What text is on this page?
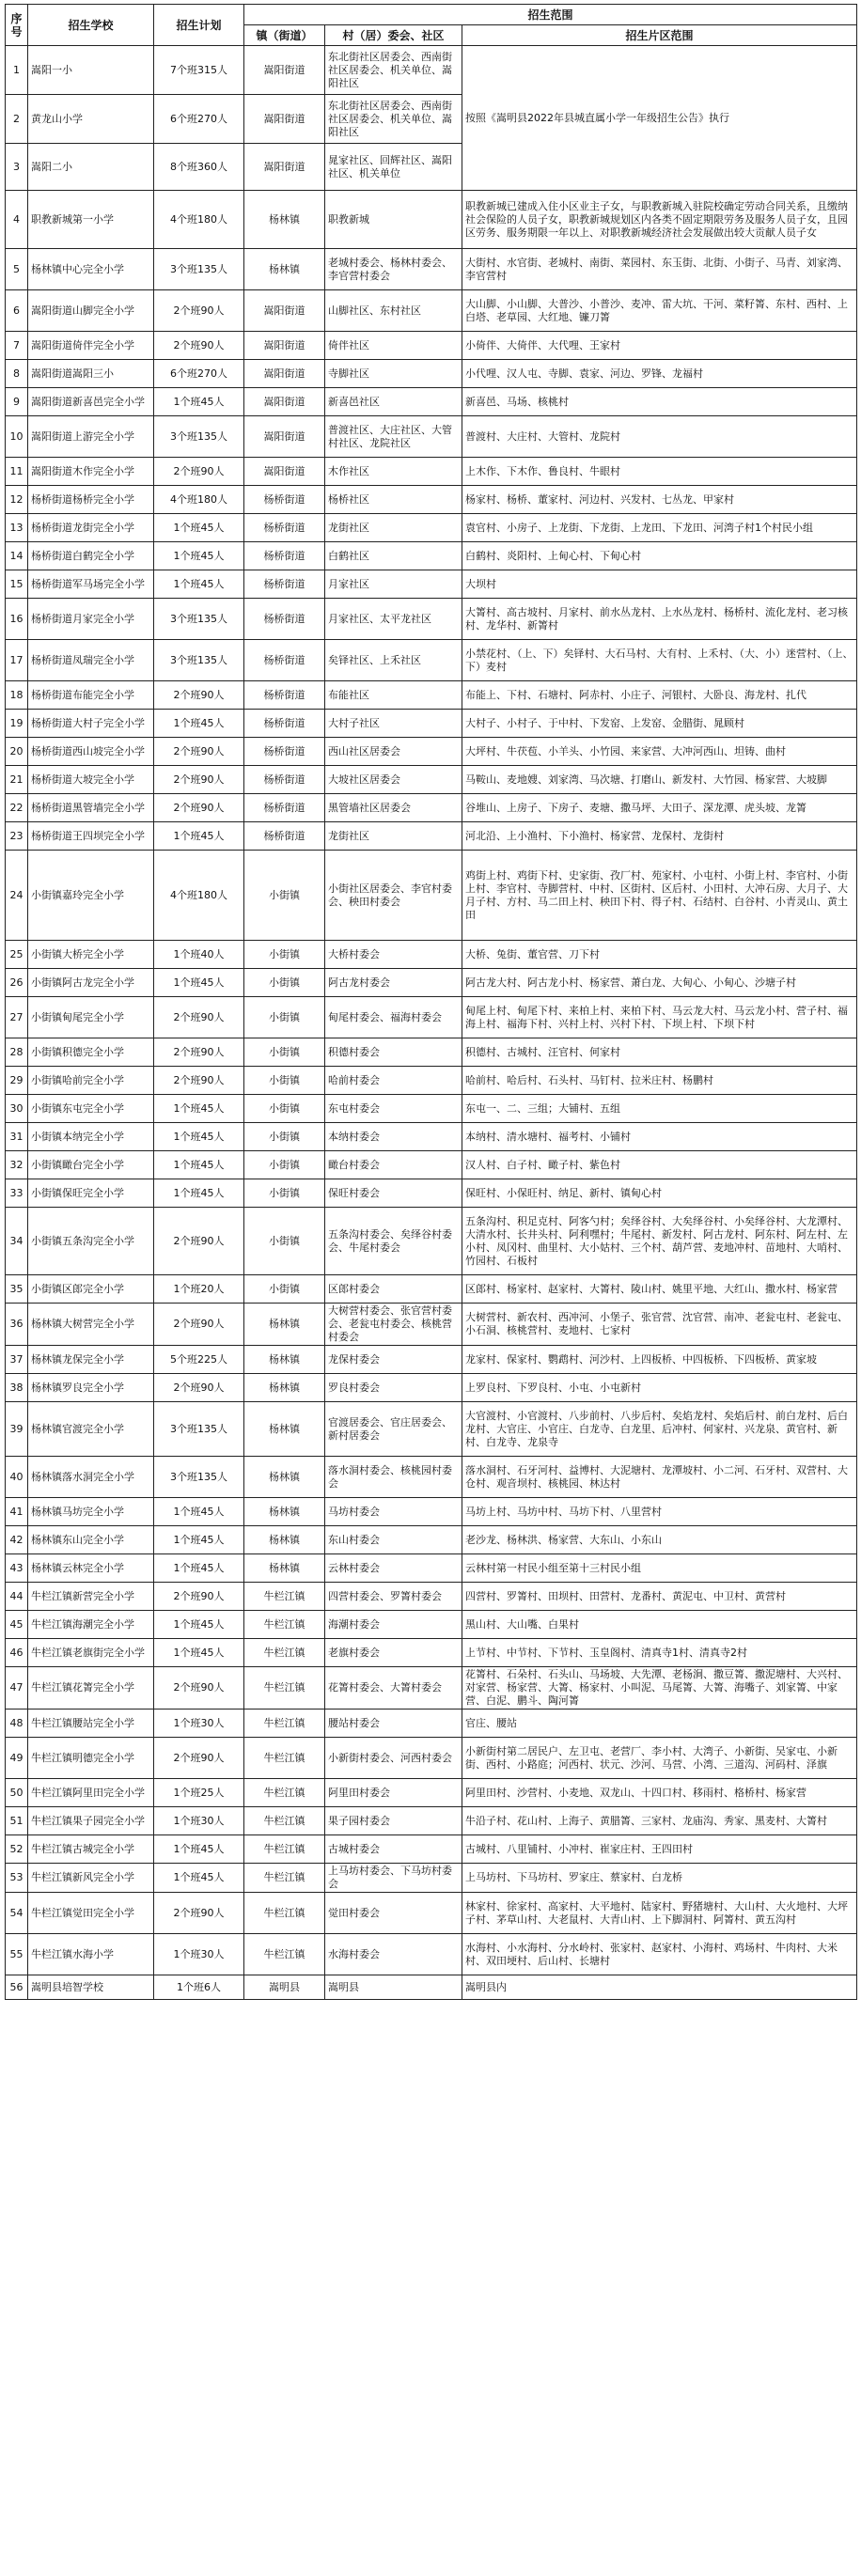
序号	招生学校	招生计划	招生范围		
			镇（街道）	村（居）委会、社区	招生片区范围
1	嵩阳一小	7个班315人	嵩阳街道	东北街社区居委会、西南街社区居委会、机关单位、嵩阳社区	按照《嵩明县2022年县城直属小学一年级招生公告》执行
2	黄龙山小学	6个班270人	嵩阳街道	东北街社区居委会、西南街社区居委会、机关单位、嵩阳社区	
3	嵩阳二小	8个班360人	嵩阳街道	晁家社区、回辉社区、嵩阳社区、机关单位	
4	职教新城第一小学	4个班180人	杨林镇	职教新城	职教新城已建成入住小区业主子女，与职教新城入驻院校确定劳动合同关系，且缴纳社会保险的人员子女，职教新城规划区内各类不固定期限劳务及服务人员子女，且园区劳务、服务期限一年以上、对职教新城经济社会发展做出较大贡献人员子女
5	杨林镇中心完全小学	3个班135人	杨林镇	老城村委会、杨林村委会、李官营村委会	大街村、水官街、老城村、南街、菜园村、东玉街、北街、小街子、马青、刘家湾、李官营村
6	嵩阳街道山脚完全小学	2个班90人	嵩阳街道	山脚社区、东村社区	大山脚、小山脚、大普沙、小普沙、麦冲、雷大坑、干河、菜籽箐、东村、西村、上白塔、老草园、大红地、镰刀箐
7	嵩阳街道倚伴完全小学	2个班90人	嵩阳街道	倚伴社区	小倚伴、大倚伴、大代哩、王家村
8	嵩阳街道嵩阳三小	6个班270人	嵩阳街道	寺脚社区	小代哩、汉人屯、寺脚、袁家、河边、罗锋、龙福村
9	嵩阳街道新喜邑完全小学	1个班45人	嵩阳街道	新喜邑社区	新喜邑、马场、核桃村
10	嵩阳街道上游完全小学	3个班135人	嵩阳街道	普渡社区、大庄社区、大管村社区、龙院社区	普渡村、大庄村、大管村、龙院村
11	嵩阳街道木作完全小学	2个班90人	嵩阳街道	木作社区	上木作、下木作、鲁良村、牛眼村
12	杨桥街道杨桥完全小学	4个班180人	杨桥街道	杨桥社区	杨家村、杨桥、董家村、河边村、兴发村、七丛龙、甲家村
13	杨桥街道龙街完全小学	1个班45人	杨桥街道	龙街社区	袁官村、小房子、上龙街、下龙街、上龙田、下龙田、河湾子村1个村民小组
14	杨桥街道白鹤完全小学	1个班45人	杨桥街道	白鹤社区	白鹤村、炎阳村、上甸心村、下甸心村
15	杨桥街道军马场完全小学	1个班45人	杨桥街道	月家社区	大坝村
16	杨桥街道月家完全小学	3个班135人	杨桥街道	月家社区、太平龙社区	大箐村、高古坡村、月家村、前水丛龙村、上水丛龙村、杨桥村、流化龙村、老习核村、龙华村、新箐村
17	杨桥街道凤瑞完全小学	3个班135人	杨桥街道	矣铎社区、上禾社区	小禁花村、（上、下）矣铎村、大石马村、大有村、上禾村、（大、小）迷营村、（上、下）麦村
18	杨桥街道布能完全小学	2个班90人	杨桥街道	布能社区	布能上、下村、石塘村、阿赤村、小庄子、河银村、大卧良、海龙村、扎代
19	杨桥街道大村子完全小学	1个班45人	杨桥街道	大村子社区	大村子、小村子、于中村、下发窑、上发窑、金腊街、晁顾村
20	杨桥街道西山坡完全小学	2个班90人	杨桥街道	西山社区居委会	大坪村、牛茯苞、小羊头、小竹园、来家营、大冲河西山、坦铸、曲村
21	杨桥街道大坡完全小学	2个班90人	杨桥街道	大坡社区居委会	马鞍山、麦地嫂、刘家湾、马次塘、打磨山、新发村、大竹园、杨家营、大坡脚
22	杨桥街道黑管墙完全小学	2个班90人	杨桥街道	黑管墙社区居委会	谷堆山、上房子、下房子、麦塘、撒马坪、大田子、深龙潭、虎头坡、龙箐
23	杨桥街道王四坝完全小学	1个班45人	杨桥街道	龙街社区	河北沿、上小渔村、下小渔村、杨家营、龙保村、龙街村
24	小街镇嘉玲完全小学	4个班180人	小街镇	小街社区居委会、李官村委会、秧田村委会	鸡街上村、鸡街下村、史家街、孜厂村、苑家村、小屯村、小街上村、李官村、小街上村、李官村、寺脚营村、中村、区街村、区后村、小田村、大冲石房、大月子、大月子村、方村、马二田上村、秧田下村、得子村、石结村、白谷村、小青灵山、黄土田
25	小街镇大桥完全小学	1个班40人	小街镇	大桥村委会	大桥、兔街、董官营、刀下村
26	小街镇阿古龙完全小学	1个班45人	小街镇	阿古龙村委会	阿古龙大村、阿古龙小村、杨家营、萧白龙、大甸心、小甸心、沙塘子村
27	小街镇甸尾完全小学	2个班90人	小街镇	甸尾村委会、福海村委会	甸尾上村、甸尾下村、来柏上村、来柏下村、马云龙大村、马云龙小村、营子村、福海上村、福海下村、兴村上村、兴村下村、下坝上村、下坝下村
28	小街镇积德完全小学	2个班90人	小街镇	积德村委会	积德村、古城村、汪官村、何家村
29	小街镇哈前完全小学	2个班90人	小街镇	哈前村委会	哈前村、哈后村、石头村、马钉村、拉米庄村、杨鹏村
30	小街镇东屯完全小学	1个班45人	小街镇	东屯村委会	东屯一、二、三组；大铺村、五组
31	小街镇本纳完全小学	1个班45人	小街镇	本纳村委会	本纳村、清水塘村、福考村、小铺村
32	小街镇瞰台完全小学	1个班45人	小街镇	瞰台村委会	汉人村、白子村、瞰子村、紫色村
33	小街镇保旺完全小学	1个班45人	小街镇	保旺村委会	保旺村、小保旺村、纳足、新村、镇甸心村
34	小街镇五条沟完全小学	2个班90人	小街镇	五条沟村委会、矣绎谷村委会、牛尾村委会	五条沟村、积足克村、阿客勺村；矣绎谷村、大矣绎谷村、小矣绎谷村、大龙潭村、大清水村、长井头村、阿利嘿村；牛尾村、新发村、阿古龙村、阿东村、阿左村、左小村、凤冈村、曲里村、大小姑村、三个村、葫芦营、麦地冲村、苗地村、大哨村、竹园村、石板村
35	小街镇区郎完全小学	1个班20人	小街镇	区郎村委会	区郎村、杨家村、赵家村、大箐村、陵山村、姚里平地、大红山、撒水村、杨家营
36	杨林镇大树营完全小学	2个班90人	杨林镇	大树营村委会、张官营村委会、老瓮屯村委会、核桃营村委会	大树营村、新农村、西冲河、小堡子、张官营、沈官营、南冲、老瓮屯村、老瓮屯、小石洞、核桃营村、麦地村、七家村
37	杨林镇龙保完全小学	5个班225人	杨林镇	龙保村委会	龙家村、保家村、鹦鹉村、河沙村、上四板桥、中四板桥、下四板桥、黄家坡
38	杨林镇罗良完全小学	2个班90人	杨林镇	罗良村委会	上罗良村、下罗良村、小屯、小屯新村
39	杨林镇官渡完全小学	3个班135人	杨林镇	官渡居委会、官庄居委会、新村居委会	大官渡村、小官渡村、八步前村、八步后村、矣焰龙村、矣焰后村、前白龙村、后白龙村、大官庄、小官庄、白龙寺、白龙里、后冲村、何家村、兴龙泉、黄官村、新村、白龙寺、龙泉寺
40	杨林镇落水洞完全小学	3个班135人	杨林镇	落水洞村委会、核桃园村委会	落水洞村、石牙河村、益博村、大泥塘村、龙潭坡村、小二河、石牙村、双营村、大仓村、观音坝村、核桃园、林达村
41	杨林镇马坊完全小学	1个班45人	杨林镇	马坊村委会	马坊上村、马坊中村、马坊下村、八里营村
42	杨林镇东山完全小学	1个班45人	杨林镇	东山村委会	老沙龙、杨林洪、杨家营、大东山、小东山
43	杨林镇云林完全小学	1个班45人	杨林镇	云林村委会	云林村第一村民小组至第十三村民小组
44	牛栏江镇新营完全小学	2个班90人	牛栏江镇	四营村委会、罗箐村委会	四营村、罗箐村、田坝村、田营村、龙番村、黄泥屯、中卫村、黄营村
45	牛栏江镇海潮完全小学	1个班45人	牛栏江镇	海潮村委会	黑山村、大山嘴、白果村
46	牛栏江镇老旗街完全小学	1个班45人	牛栏江镇	老旗村委会	上节村、中节村、下节村、玉皇阁村、清真寺1村、清真寺2村
47	牛栏江镇花箐完全小学	2个班90人	牛栏江镇	花箐村委会、大箐村委会	花箐村、石朵村、石头山、马场坡、大先潭、老杨涧、撒豆箐、撒泥塘村、大兴村、对家营、杨家营、大箐、杨家村、小叫泥、马尾箐、大箐、海嘴子、刘家箐、中家营、白泥、鹏斗、陶河箐
48	牛栏江镇腰站完全小学	1个班30人	牛栏江镇	腰站村委会	官庄、腰站
49	牛栏江镇明德完全小学	2个班90人	牛栏江镇	小新街村委会、河西村委会	小新街村第二居民户、左卫屯、老营厂、李小村、大湾子、小新街、吴家屯、小新街、西村、小路庭；河西村、状元、沙河、马营、小湾、三道沟、河码村、泽旗
50	牛栏江镇阿里田完全小学	1个班25人	牛栏江镇	阿里田村委会	阿里田村、沙营村、小麦地、双龙山、十四口村、移雨村、格桥村、杨家营
51	牛栏江镇果子园完全小学	1个班30人	牛栏江镇	果子园村委会	牛沿子村、花山村、上海子、黄腊箐、三家村、龙庙沟、秀家、黑麦村、大箐村
52	牛栏江镇古城完全小学	1个班45人	牛栏江镇	古城村委会	古城村、八里铺村、小冲村、崔家庄村、王四田村
53	牛栏江镇新风完全小学	1个班45人	牛栏江镇	上马坊村委会、下马坊村委会	上马坊村、下马坊村、罗家庄、蔡家村、白龙桥
54	牛栏江镇觉田完全小学	2个班90人	牛栏江镇	觉田村委会	林家村、徐家村、高家村、大平地村、陆家村、野猪塘村、大山村、大火地村、大坪子村、茅草山村、大老鼠村、大青山村、上下脚洞村、阿箐村、黄五沟村
55	牛栏江镇水海小学	1个班30人	牛栏江镇	水海村委会	水海村、小水海村、分水岭村、张家村、赵家村、小海村、鸡场村、牛肉村、大米村、双田埂村、后山村、长塘村
56	嵩明县培智学校	1个班6人	嵩明县	嵩明县	嵩明县内
